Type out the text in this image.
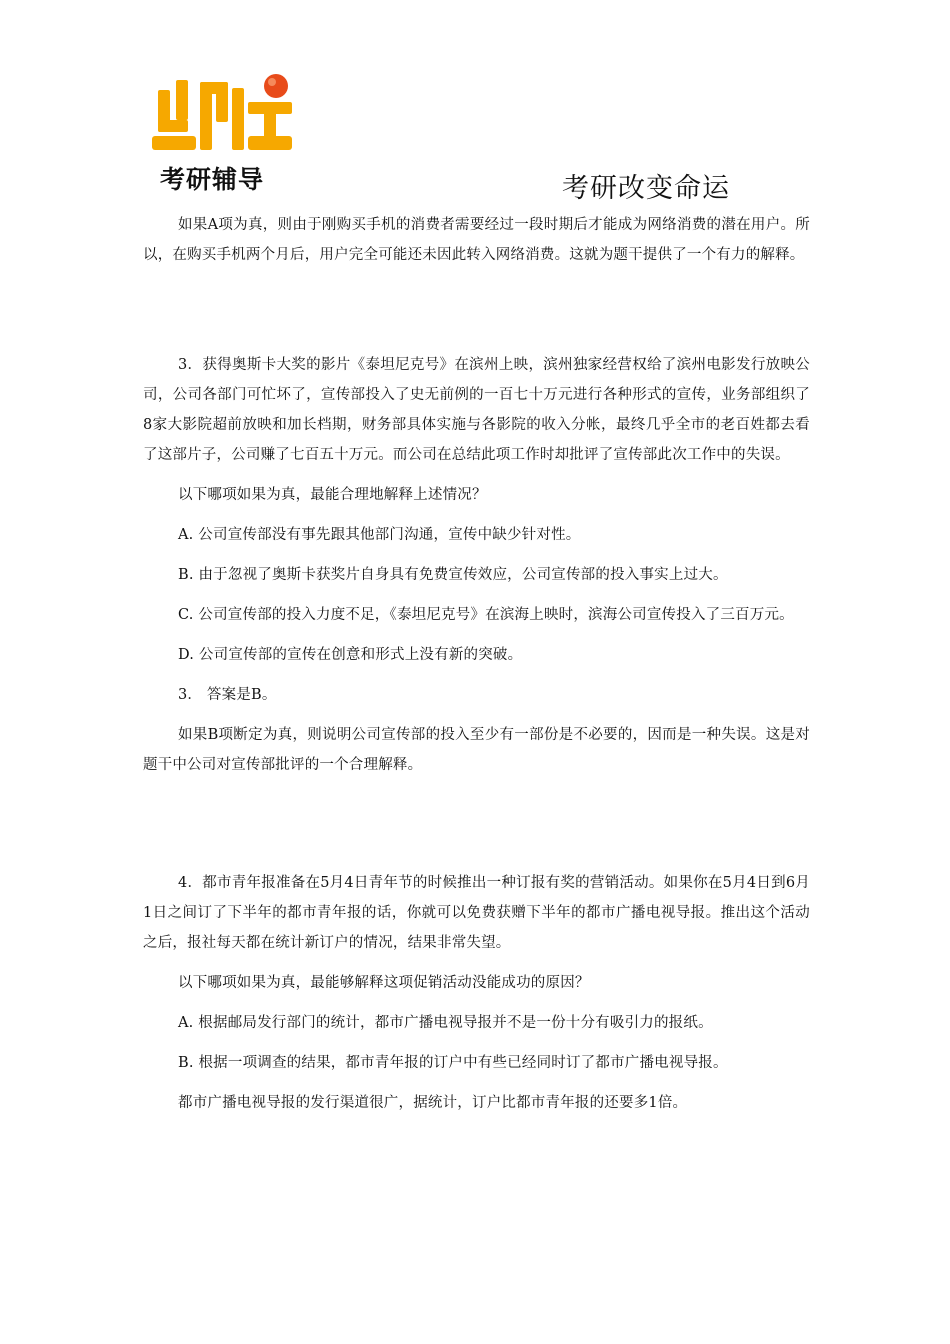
考研辅导	考研改变命运

如果A项为真，则由于刚购买手机的消费者需要经过一段时期后才能成为网络消费的潜在用户。所以，在购买手机两个月后，用户完全可能还未因此转入网络消费。这就为题干提供了一个有力的解释。

3．获得奥斯卡大奖的影片《泰坦尼克号》在滨州上映，滨州独家经营权给了滨州电影发行放映公司，公司各部门可忙坏了，宣传部投入了史无前例的一百七十万元进行各种形式的宣传，业务部组织了8家大影院超前放映和加长档期，财务部具体实施与各影院的收入分帐，最终几乎全市的老百姓都去看了这部片子，公司赚了七百五十万元。而公司在总结此项工作时却批评了宣传部此次工作中的失误。

以下哪项如果为真，最能合理地解释上述情况？

A. 公司宣传部没有事先跟其他部门沟通，宣传中缺少针对性。

B. 由于忽视了奥斯卡获奖片自身具有免费宣传效应，公司宣传部的投入事实上过大。

C. 公司宣传部的投入力度不足，《泰坦尼克号》在滨海上映时，滨海公司宣传投入了三百万元。

D. 公司宣传部的宣传在创意和形式上没有新的突破。

3． 答案是B。

如果B项断定为真，则说明公司宣传部的投入至少有一部份是不必要的，因而是一种失误。这是对题干中公司对宣传部批评的一个合理解释。

4．都市青年报准备在5月4日青年节的时候推出一种订报有奖的营销活动。如果你在5月4日到6月1日之间订了下半年的都市青年报的话，你就可以免费获赠下半年的都市广播电视导报。推出这个活动之后，报社每天都在统计新订户的情况，结果非常失望。

以下哪项如果为真，最能够解释这项促销活动没能成功的原因？

A. 根据邮局发行部门的统计，都市广播电视导报并不是一份十分有吸引力的报纸。

B. 根据一项调查的结果，都市青年报的订户中有些已经同时订了都市广播电视导报。

都市广播电视导报的发行渠道很广，据统计，订户比都市青年报的还要多1倍。
